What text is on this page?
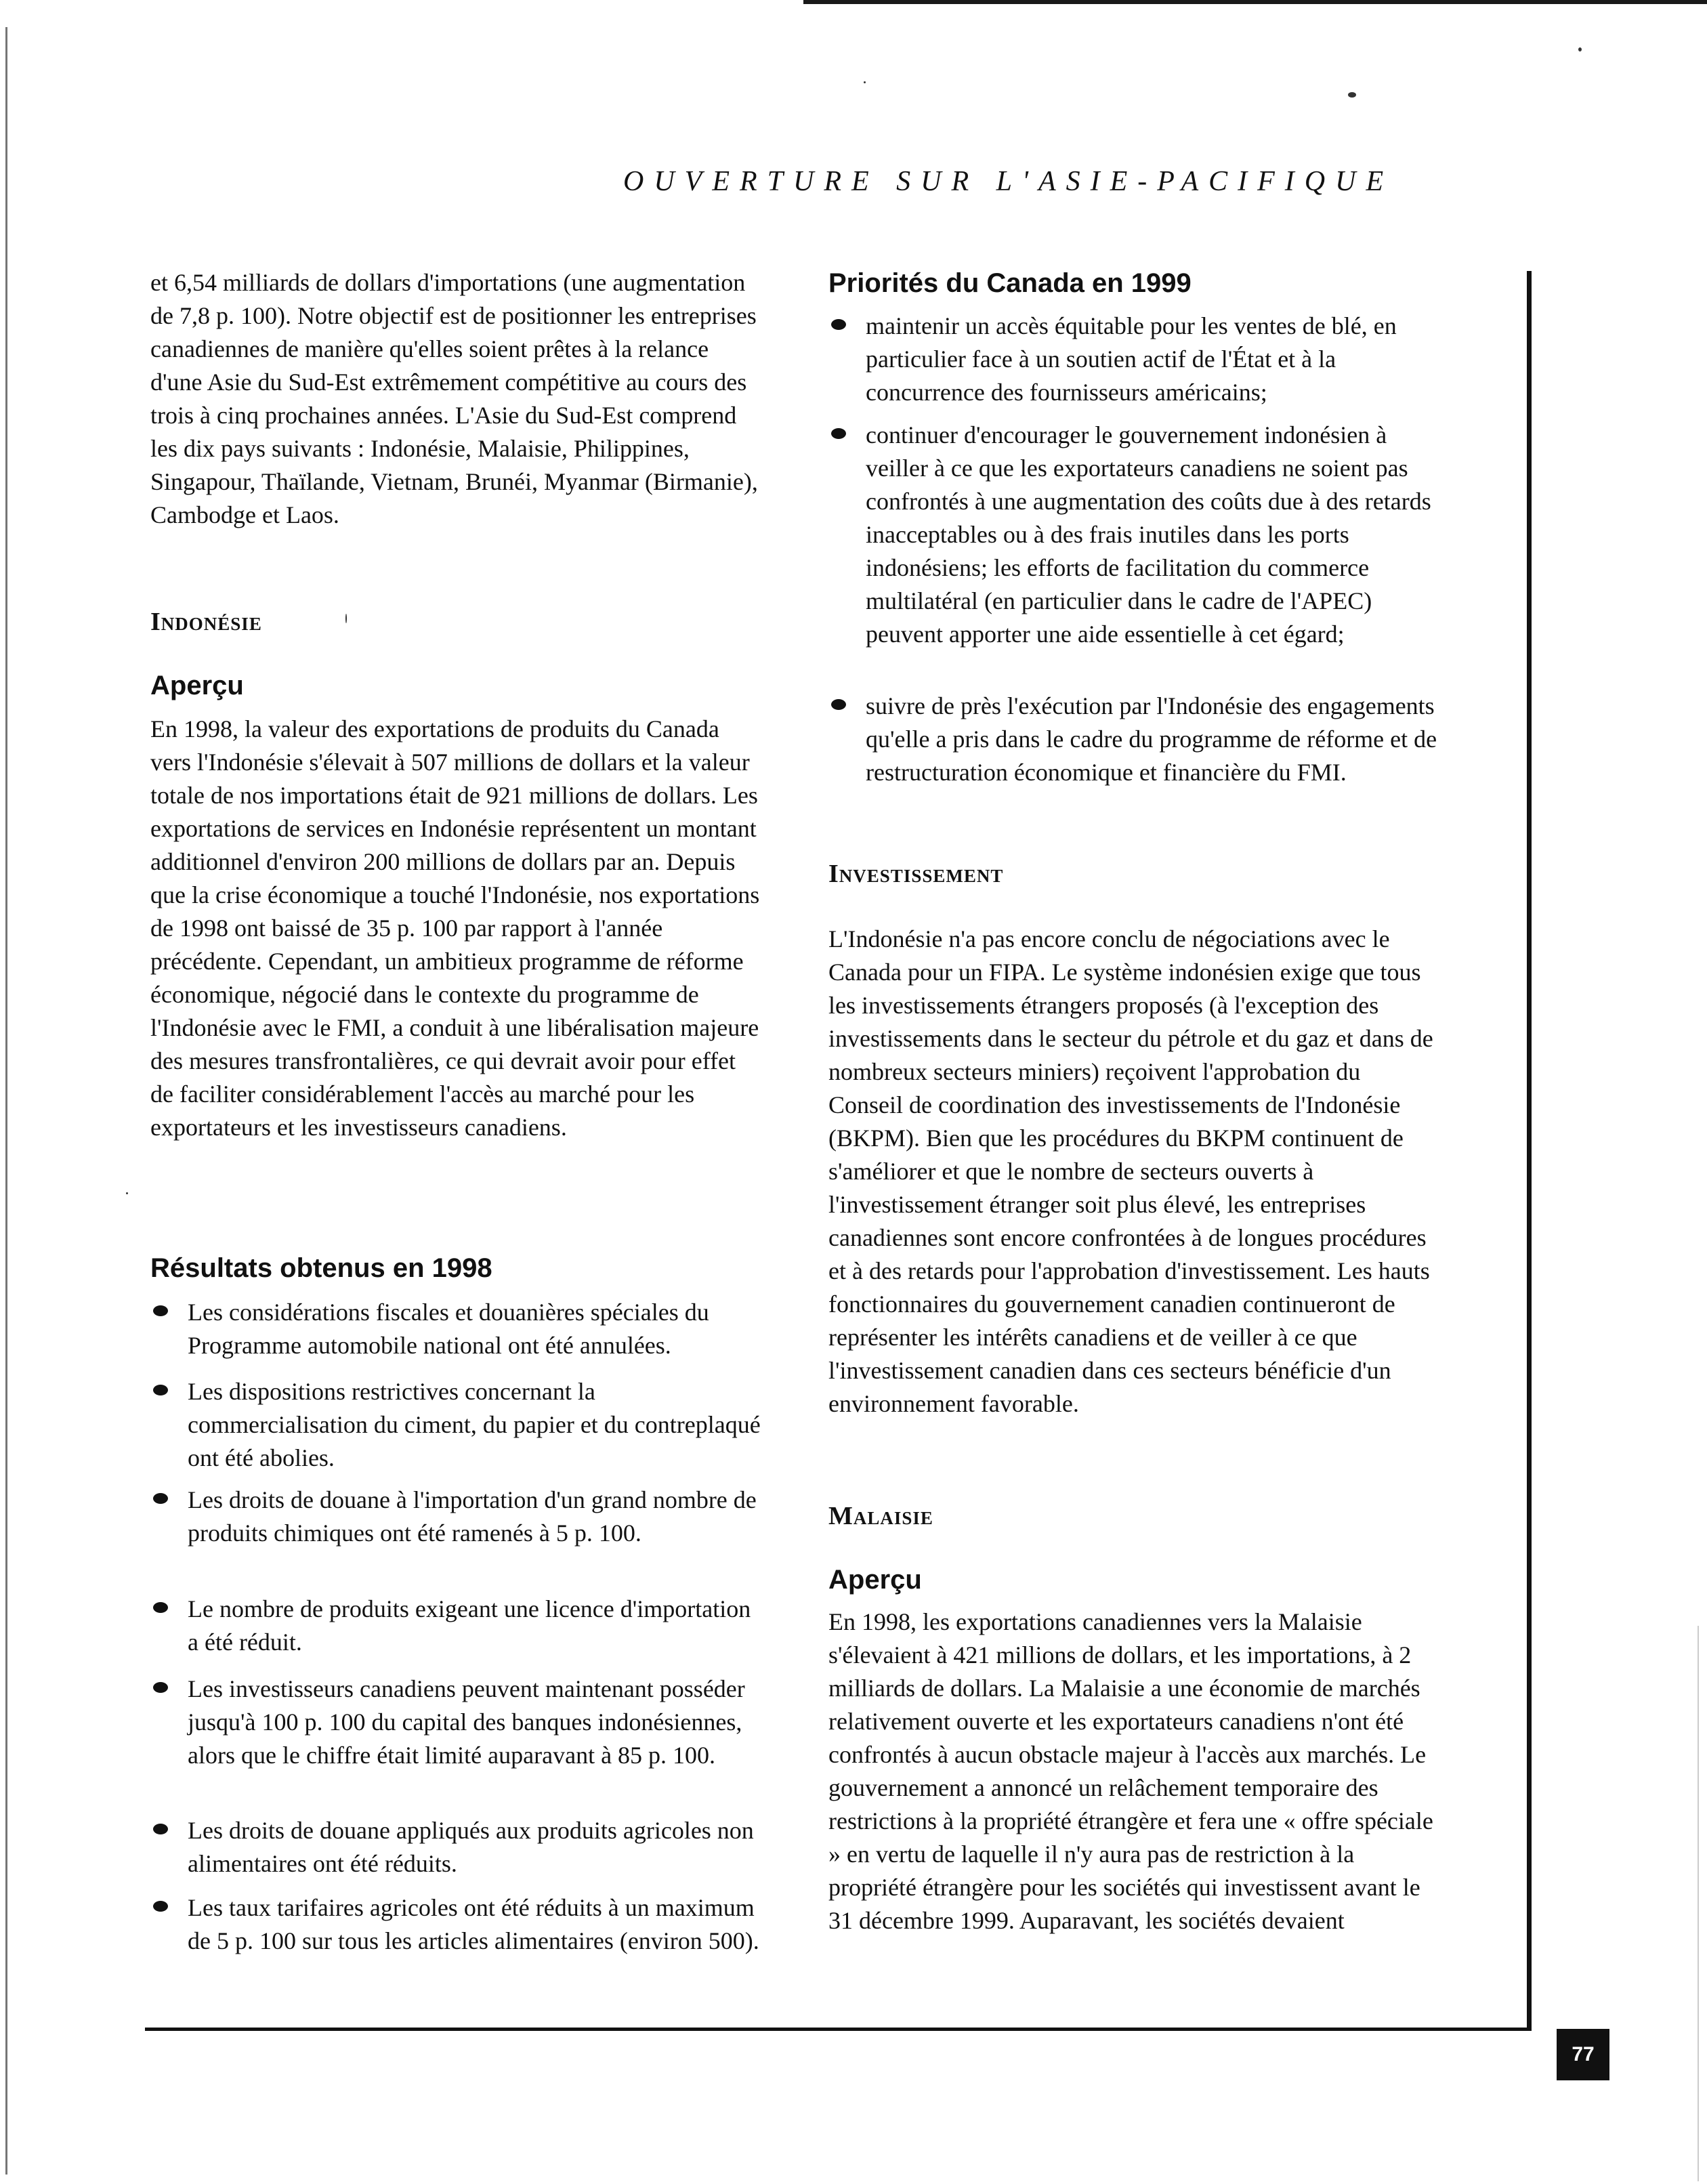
OUVERTURE SUR L'ASIE-PACIFIQUE

et 6,54 milliards de dollars d'importations (une augmentation de 7,8 p. 100). Notre objectif est de positionner les entreprises canadiennes de manière qu'elles soient prêtes à la relance d'une Asie du Sud-Est extrêmement compétitive au cours des trois à cinq prochaines années. L'Asie du Sud-Est comprend les dix pays suivants : Indonésie, Malaisie, Philippines, Singapour, Thaïlande, Vietnam, Brunéi, Myanmar (Birmanie), Cambodge et Laos.

Indonésie
Aperçu

En 1998, la valeur des exportations de produits du Canada vers l'Indonésie s'élevait à 507 millions de dollars et la valeur totale de nos importations était de 921 millions de dollars. Les exportations de services en Indonésie représentent un montant additionnel d'environ 200 millions de dollars par an. Depuis que la crise économique a touché l'Indonésie, nos exportations de 1998 ont baissé de 35 p. 100 par rapport à l'année précédente. Cependant, un ambitieux programme de réforme économique, négocié dans le contexte du programme de l'Indonésie avec le FMI, a conduit à une libéralisation majeure des mesures transfrontalières, ce qui devrait avoir pour effet de faciliter considérablement l'accès au marché pour les exportateurs et les investisseurs canadiens.

Résultats obtenus en 1998

Les considérations fiscales et douanières spéciales du Programme automobile national ont été annulées.

Les dispositions restrictives concernant la commercialisation du ciment, du papier et du contreplaqué ont été abolies.

Les droits de douane à l'importation d'un grand nombre de produits chimiques ont été ramenés à 5 p. 100.

Le nombre de produits exigeant une licence d'importation a été réduit.

Les investisseurs canadiens peuvent maintenant posséder jusqu'à 100 p. 100 du capital des banques indonésiennes, alors que le chiffre était limité auparavant à 85 p. 100.

Les droits de douane appliqués aux produits agricoles non alimentaires ont été réduits.

Les taux tarifaires agricoles ont été réduits à un maximum de 5 p. 100 sur tous les articles alimentaires (environ 500).

Priorités du Canada en 1999

maintenir un accès équitable pour les ventes de blé, en particulier face à un soutien actif de l'État et à la concurrence des fournisseurs américains;

continuer d'encourager le gouvernement indonésien à veiller à ce que les exportateurs canadiens ne soient pas confrontés à une augmentation des coûts due à des retards inacceptables ou à des frais inutiles dans les ports indonésiens; les efforts de facilitation du commerce multilatéral (en particulier dans le cadre de l'APEC) peuvent apporter une aide essentielle à cet égard;

suivre de près l'exécution par l'Indonésie des engagements qu'elle a pris dans le cadre du programme de réforme et de restructuration économique et financière du FMI.

Investissement

L'Indonésie n'a pas encore conclu de négociations avec le Canada pour un FIPA. Le système indonésien exige que tous les investissements étrangers proposés (à l'exception des investissements dans le secteur du pétrole et du gaz et dans de nombreux secteurs miniers) reçoivent l'approbation du Conseil de coordination des investissements de l'Indonésie (BKPM). Bien que les procédures du BKPM continuent de s'améliorer et que le nombre de secteurs ouverts à l'investissement étranger soit plus élevé, les entreprises canadiennes sont encore confrontées à de longues procédures et à des retards pour l'approbation d'investissement. Les hauts fonctionnaires du gouvernement canadien continueront de représenter les intérêts canadiens et de veiller à ce que l'investissement canadien dans ces secteurs bénéficie d'un environnement favorable.

Malaisie
Aperçu

En 1998, les exportations canadiennes vers la Malaisie s'élevaient à 421 millions de dollars, et les importations, à 2 milliards de dollars. La Malaisie a une économie de marchés relativement ouverte et les exportateurs canadiens n'ont été confrontés à aucun obstacle majeur à l'accès aux marchés. Le gouvernement a annoncé un relâchement temporaire des restrictions à la propriété étrangère et fera une « offre spéciale » en vertu de laquelle il n'y aura pas de restriction à la propriété étrangère pour les sociétés qui investissent avant le 31 décembre 1999. Auparavant, les sociétés devaient

77
